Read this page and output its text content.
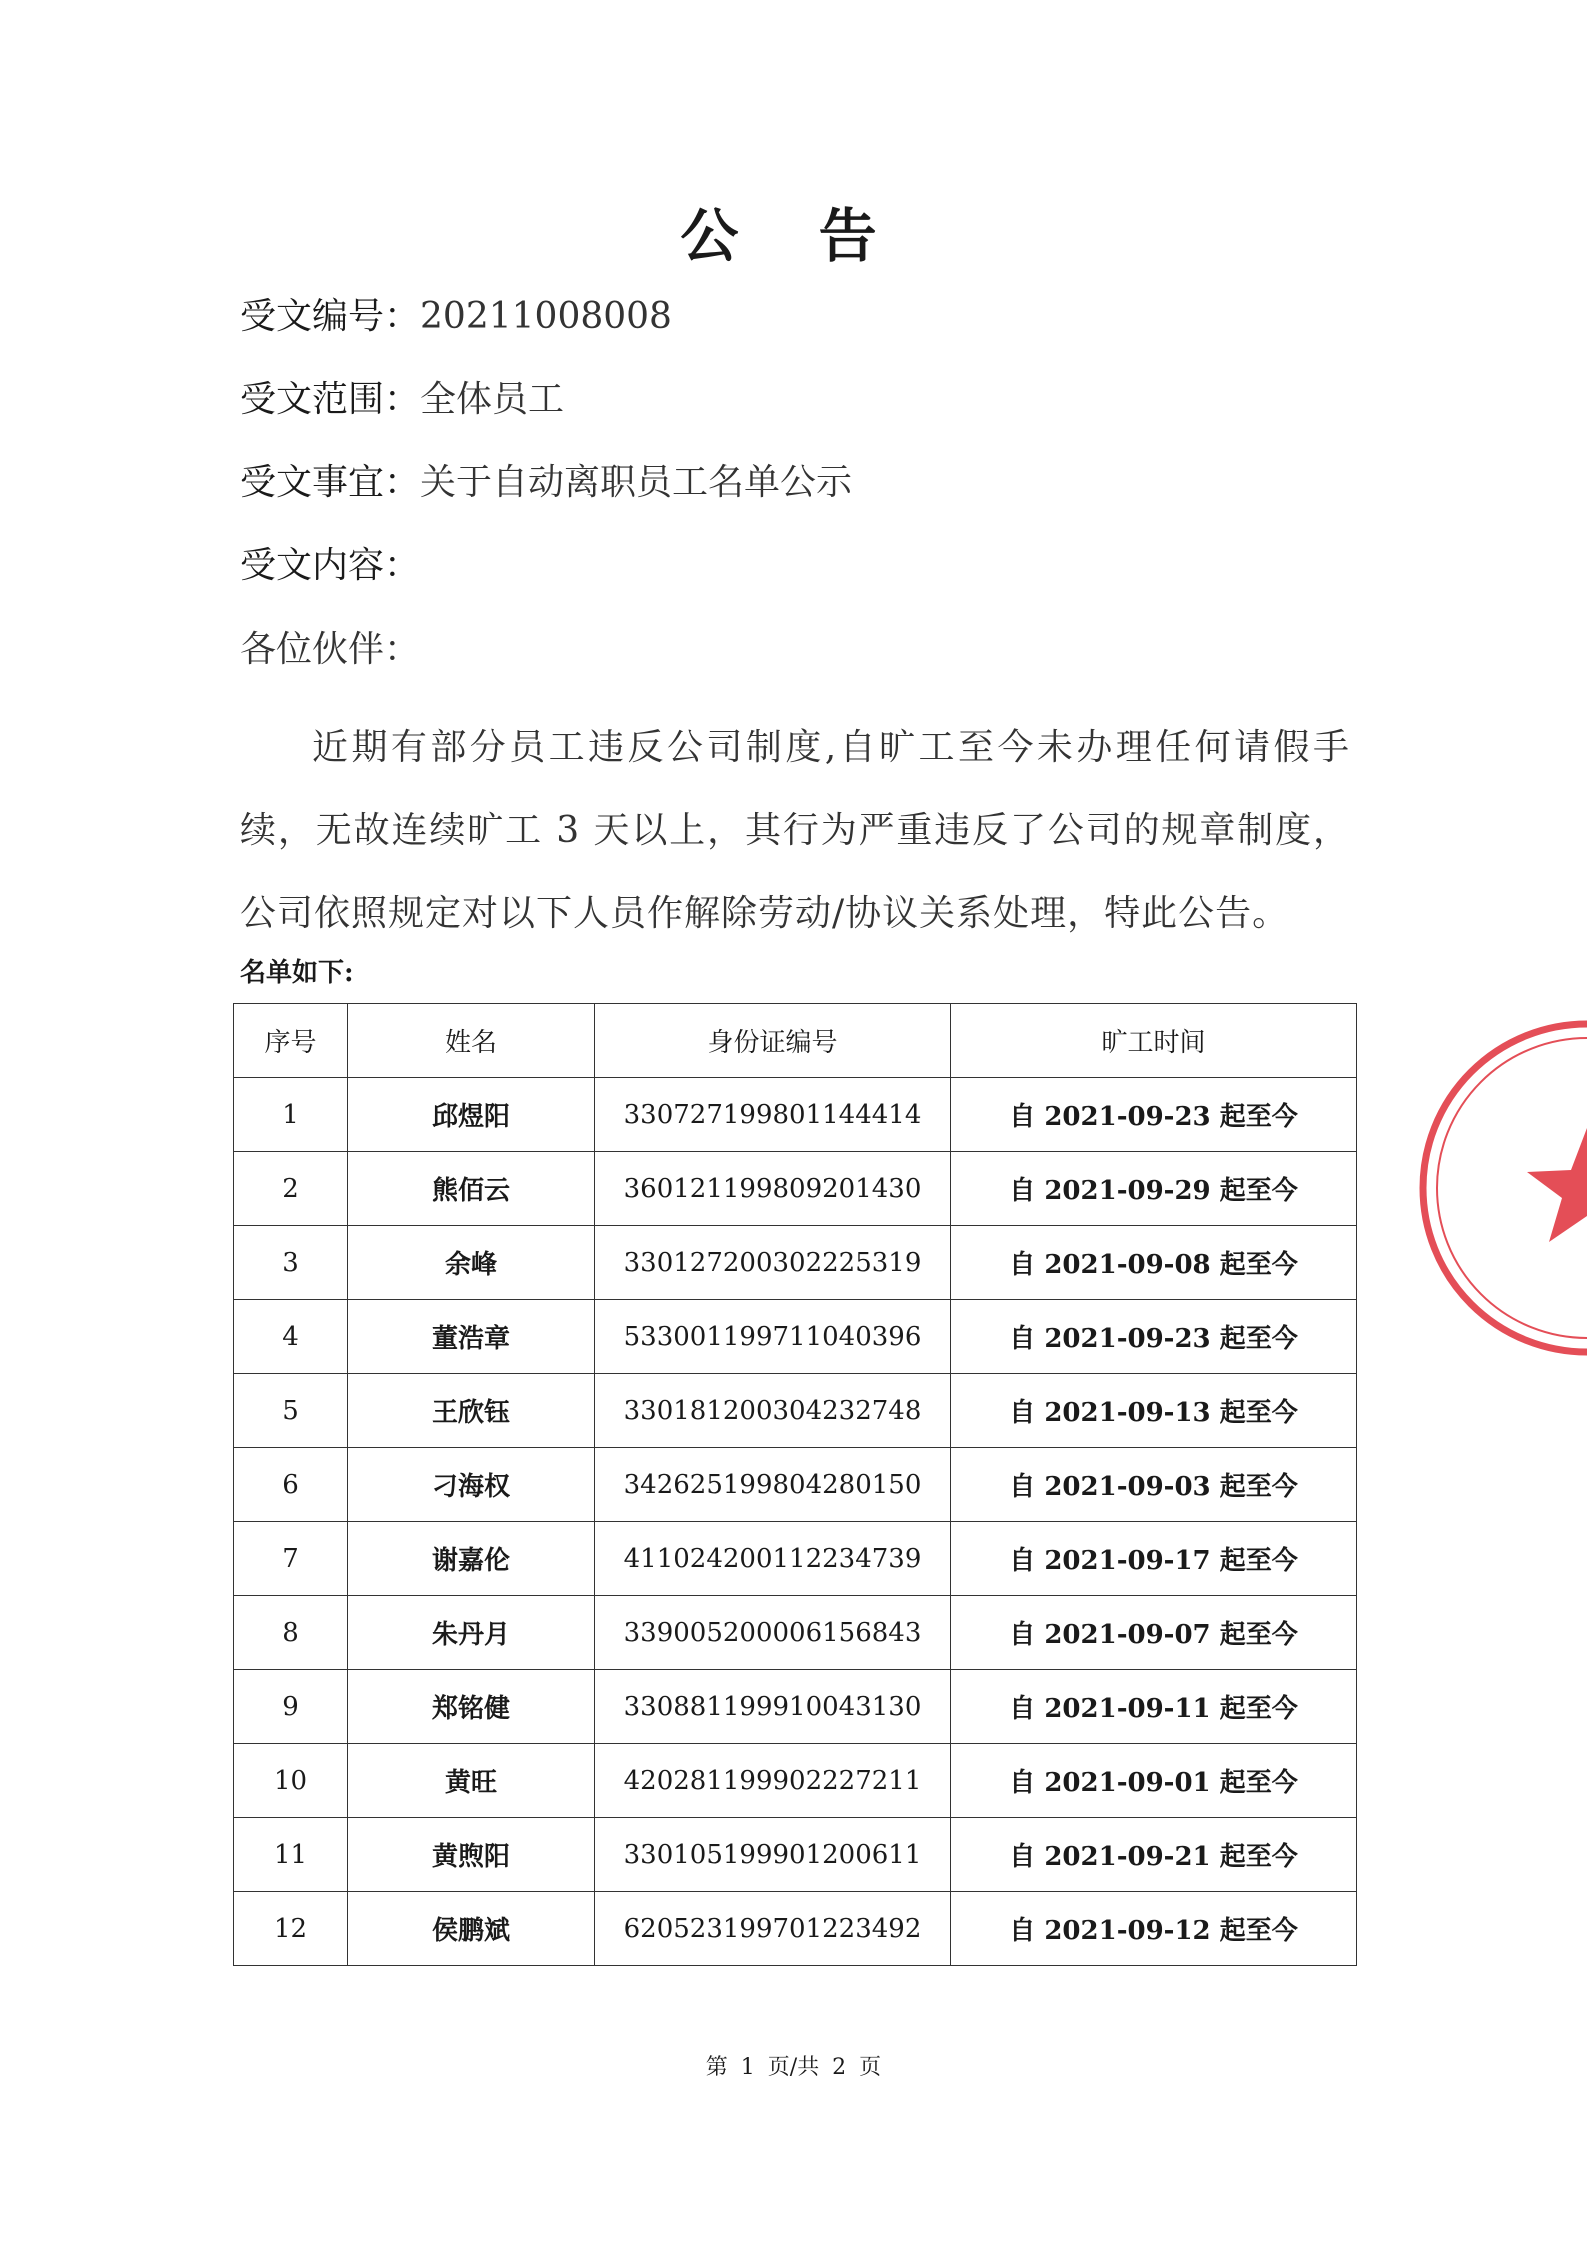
公 告
受文编号：20211008008
受文范围：全体员工
受文事宜：关于自动离职员工名单公示
受文内容：
各位伙伴：
近期有部分员工违反公司制度,自旷工至今未办理任何请假手续，无故连续旷工 3 天以上，其行为严重违反了公司的规章制度，公司依照规定对以下人员作解除劳动/协议关系处理，特此公告。
名单如下:
序号	姓名	身份证编号	旷工时间
1	邱煜阳	330727199801144414	自 2021-09-23 起至今
2	熊佰云	360121199809201430	自 2021-09-29 起至今
3	余峰	330127200302225319	自 2021-09-08 起至今
4	董浩章	533001199711040396	自 2021-09-23 起至今
5	王欣钰	330181200304232748	自 2021-09-13 起至今
6	刁海权	342625199804280150	自 2021-09-03 起至今
7	谢嘉伦	411024200112234739	自 2021-09-17 起至今
8	朱丹月	339005200006156843	自 2021-09-07 起至今
9	郑铭健	330881199910043130	自 2021-09-11 起至今
10	黄旺	420281199902227211	自 2021-09-01 起至今
11	黄煦阳	330105199901200611	自 2021-09-21 起至今
12	侯鹏斌	620523199701223492	自 2021-09-12 起至今
第 1 页/共 2 页
